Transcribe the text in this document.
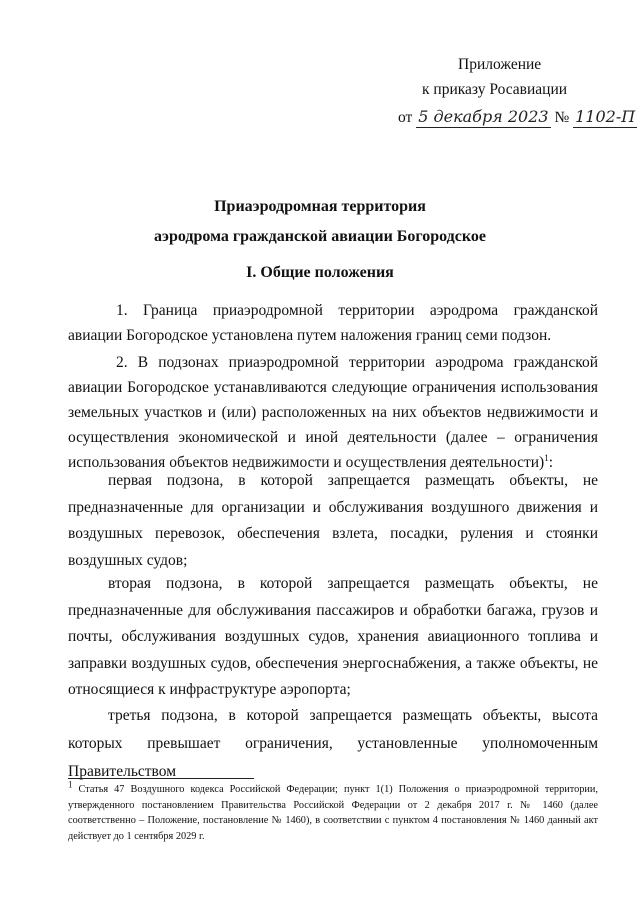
Приложение
к приказу Росавиации
от 5 декабря 2023 № 1102-П
Приаэродромная территория
аэродрома гражданской авиации Богородское
I. Общие положения
1. Граница приаэродромной территории аэродрома гражданской авиации Богородское установлена путем наложения границ семи подзон.
2. В подзонах приаэродромной территории аэродрома гражданской авиации Богородское устанавливаются следующие ограничения использования земельных участков и (или) расположенных на них объектов недвижимости и осуществления экономической и иной деятельности (далее – ограничения использования объектов недвижимости и осуществления деятельности)$^1$:
первая подзона, в которой запрещается размещать объекты, не предназначенные для организации и обслуживания воздушного движения и воздушных перевозок, обеспечения взлета, посадки, руления и стоянки воздушных судов;
вторая подзона, в которой запрещается размещать объекты, не предназначенные для обслуживания пассажиров и обработки багажа, грузов и почты, обслуживания воздушных судов, хранения авиационного топлива и заправки воздушных судов, обеспечения энергоснабжения, а также объекты, не относящиеся к инфраструктуре аэропорта;
третья подзона, в которой запрещается размещать объекты, высота которых превышает ограничения, установленные уполномоченным Правительством
$^1$ Статья 47 Воздушного кодекса Российской Федерации; пункт 1(1) Положения о приаэродромной территории, утвержденного постановлением Правительства Российской Федерации от 2 декабря 2017 г. № 1460 (далее соответственно – Положение, постановление № 1460), в соответствии с пунктом 4 постановления № 1460 данный акт действует до 1 сентября 2029 г.
